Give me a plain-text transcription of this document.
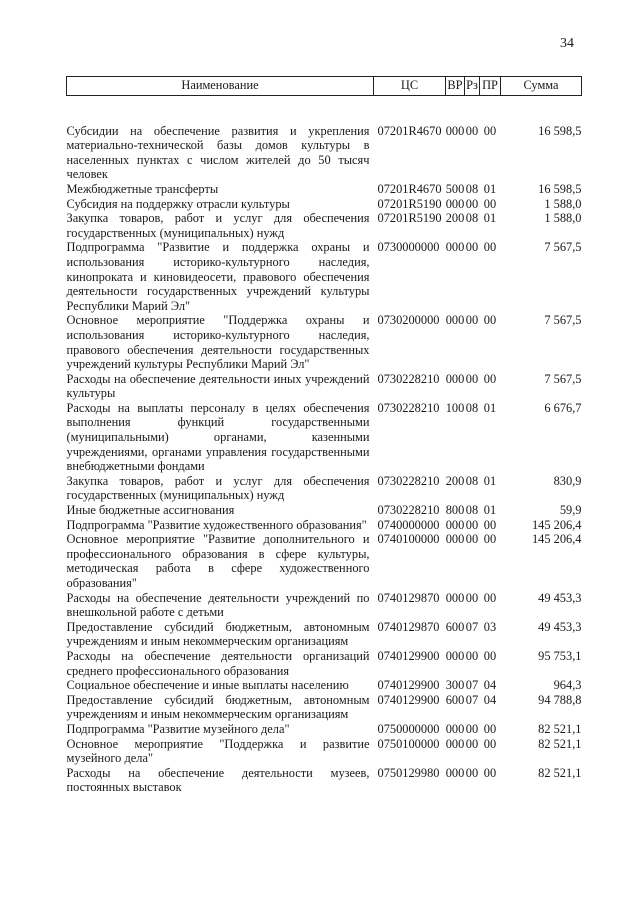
34
Наименование	ЦС	ВР	Рз	ПР	Сумма
Субсидии на обеспечение развития и укрепления материально-технической базы домов культуры в населенных пунктах с числом жителей до 50 тысяч человек	07201R4670	000	00	00	16 598,5
Межбюджетные трансферты	07201R4670	500	08	01	16 598,5
Субсидия на поддержку отрасли культуры	07201R5190	000	00	00	1 588,0
Закупка товаров, работ и услуг для обеспечения государственных (муниципальных) нужд	07201R5190	200	08	01	1 588,0
Подпрограмма "Развитие и поддержка охраны и использования историко-культурного наследия, кинопроката и киновидеосети, правового обеспечения деятельности государственных учреждений культуры Республики Марий Эл"	0730000000	000	00	00	7 567,5
Основное мероприятие "Поддержка охраны и использования историко-культурного наследия, правового обеспечения деятельности государственных учреждений культуры Республики Марий Эл"	0730200000	000	00	00	7 567,5
Расходы на обеспечение деятельности иных учреждений культуры	0730228210	000	00	00	7 567,5
Расходы на выплаты персоналу в целях обеспечения выполнения функций государственными (муниципальными) органами, казенными учреждениями, органами управления государственными внебюджетными фондами	0730228210	100	08	01	6 676,7
Закупка товаров, работ и услуг для обеспечения государственных (муниципальных) нужд	0730228210	200	08	01	830,9
Иные бюджетные ассигнования	0730228210	800	08	01	59,9
Подпрограмма "Развитие художественного образования"	0740000000	000	00	00	145 206,4
Основное мероприятие "Развитие дополнительного и профессионального образования в сфере культуры, методическая работа в сфере художественного образования"	0740100000	000	00	00	145 206,4
Расходы на обеспечение деятельности учреждений по внешкольной работе с детьми	0740129870	000	00	00	49 453,3
Предоставление субсидий бюджетным, автономным учреждениям и иным некоммерческим организациям	0740129870	600	07	03	49 453,3
Расходы на обеспечение деятельности организаций среднего профессионального образования	0740129900	000	00	00	95 753,1
Социальное обеспечение и иные выплаты населению	0740129900	300	07	04	964,3
Предоставление субсидий бюджетным, автономным учреждениям и иным некоммерческим организациям	0740129900	600	07	04	94 788,8
Подпрограмма "Развитие музейного дела"	0750000000	000	00	00	82 521,1
Основное мероприятие "Поддержка и развитие музейного дела"	0750100000	000	00	00	82 521,1
Расходы на обеспечение деятельности музеев, постоянных выставок	0750129980	000	00	00	82 521,1
